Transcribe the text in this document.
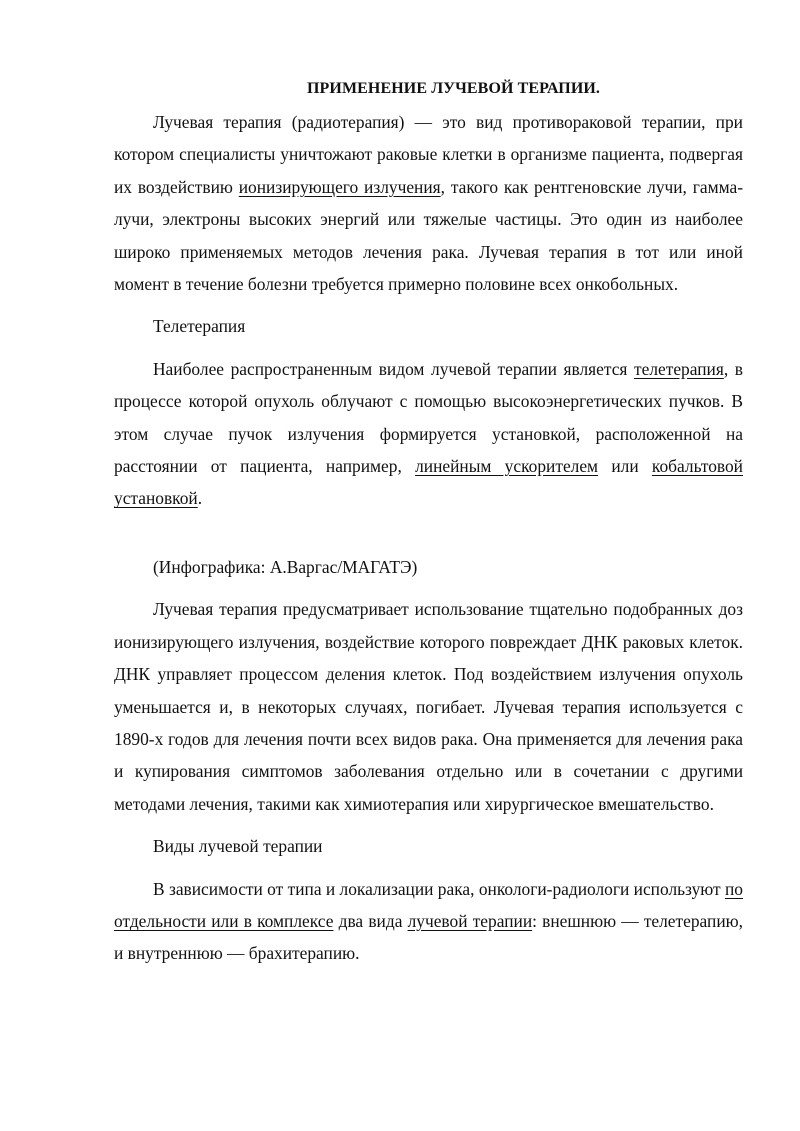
ПРИМЕНЕНИЕ ЛУЧЕВОЙ ТЕРАПИИ.

Лучевая терапия (радиотерапия) — это вид противораковой терапии, при котором специалисты уничтожают раковые клетки в организме пациента, подвергая их воздействию ионизирующего излучения, такого как рентгеновские лучи, гамма-лучи, электроны высоких энергий или тяжелые частицы. Это один из наиболее широко применяемых методов лечения рака. Лучевая терапия в тот или иной момент в течение болезни требуется примерно половине всех онкобольных.

Телетерапия

Наиболее распространенным видом лучевой терапии является телетерапия, в процессе которой опухоль облучают с помощью высокоэнергетических пучков. В этом случае пучок излучения формируется установкой, расположенной на расстоянии от пациента, например, линейным ускорителем или кобальтовой установкой.

(Инфографика: А.Варгас/МАГАТЭ)

Лучевая терапия предусматривает использование тщательно подобранных доз ионизирующего излучения, воздействие которого повреждает ДНК раковых клеток. ДНК управляет процессом деления клеток. Под воздействием излучения опухоль уменьшается и, в некоторых случаях, погибает. Лучевая терапия используется с 1890-х годов для лечения почти всех видов рака. Она применяется для лечения рака и купирования симптомов заболевания отдельно или в сочетании с другими методами лечения, такими как химиотерапия или хирургическое вмешательство.

Виды лучевой терапии

В зависимости от типа и локализации рака, онкологи-радиологи используют по отдельности или в комплексе два вида лучевой терапии: внешнюю — телетерапию, и внутреннюю — брахитерапию.
